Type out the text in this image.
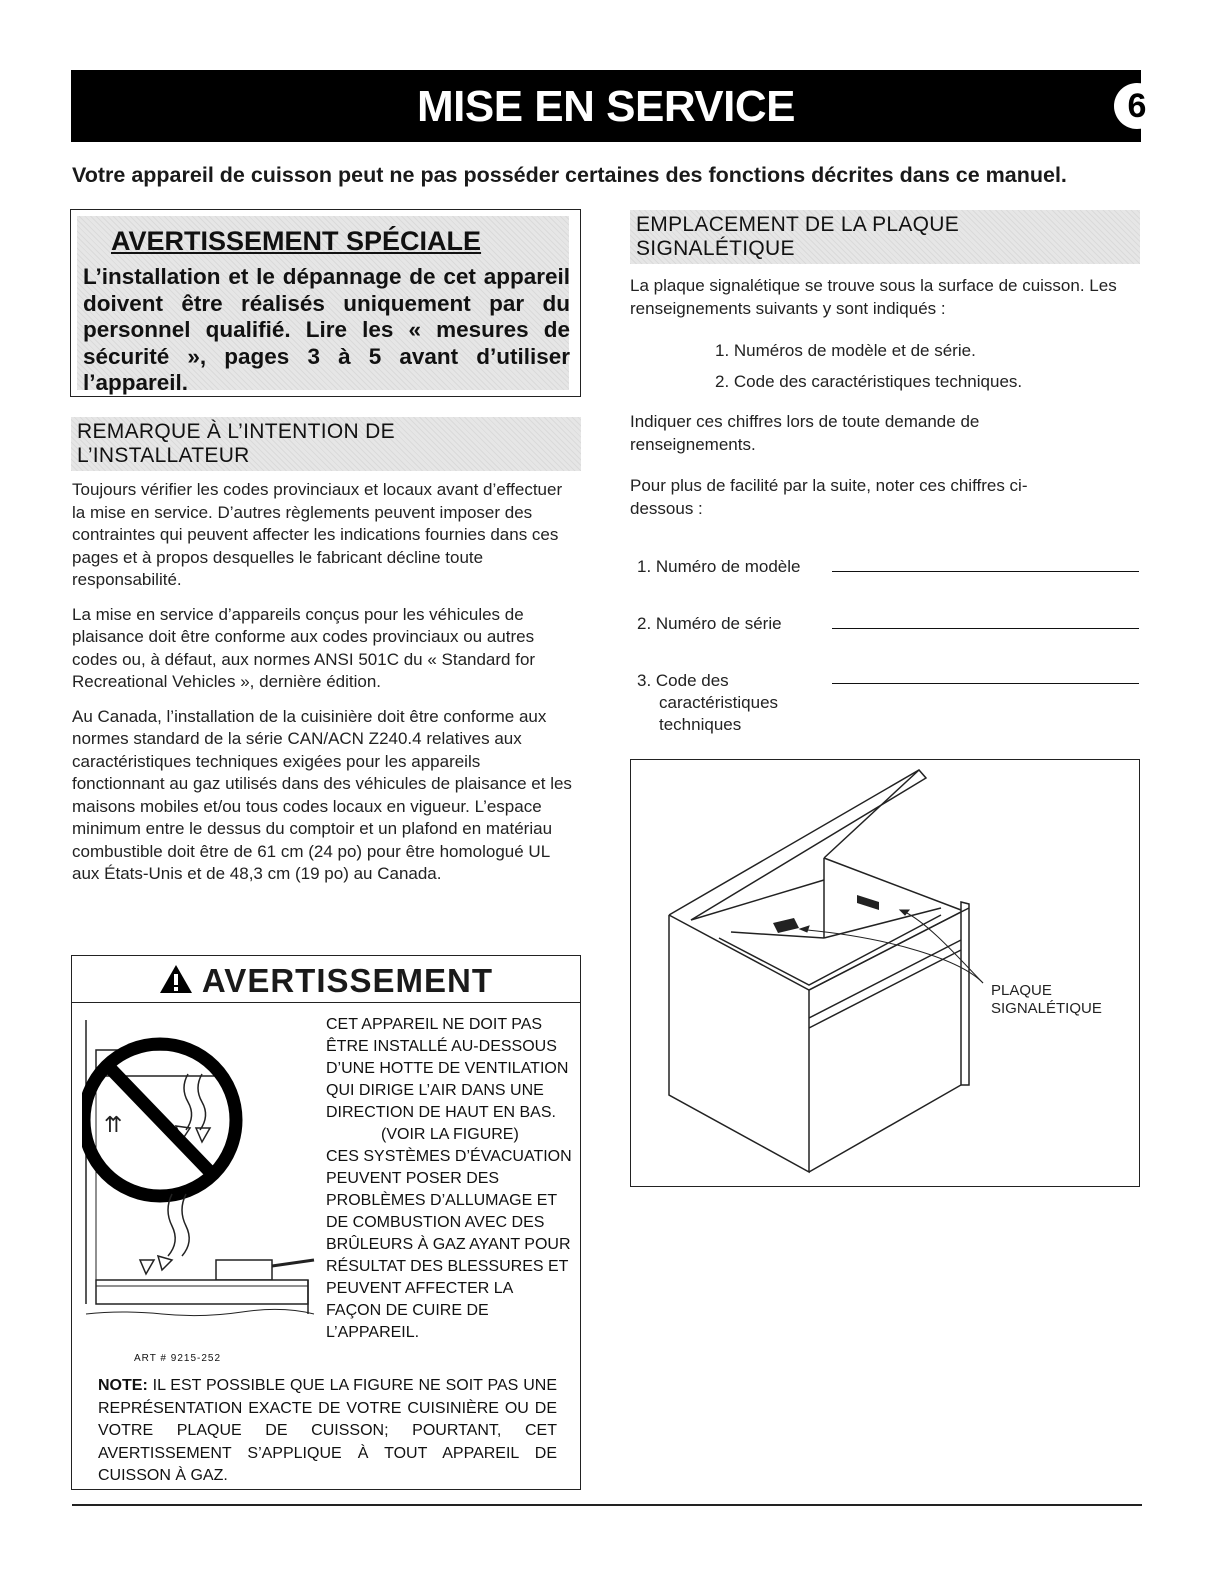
MISE EN SERVICE	6
Votre appareil de cuisson peut ne pas posséder certaines des fonctions décrites dans ce manuel.
AVERTISSEMENT SPÉCIALE
L’installation et le dépannage de cet appareil doivent être réalisés uniquement par du personnel qualifié. Lire les « mesures de sécurité », pages 3 à 5 avant d’utiliser l’appareil.
REMARQUE À L’INTENTION DE
L’INSTALLATEUR

Toujours vérifier les codes provinciaux et locaux avant d’effectuer la mise en service. D’autres règlements peuvent imposer des contraintes qui peuvent affecter les indications fournies dans ces pages et à propos desquelles le fabricant décline toute responsabilité.

La mise en service d’appareils conçus pour les véhicules de plaisance doit être conforme aux codes provinciaux ou autres codes ou, à défaut, aux normes ANSI 501C du « Standard for Recreational Vehicles », dernière édition.

Au Canada, l’installation de la cuisinière doit être conforme aux normes standard de la série CAN/ACN Z240.4 relatives aux caractéristiques techniques exigées pour les appareils fonctionnant au gaz utilisés dans des véhicules de plaisance et les maisons mobiles et/ou tous codes locaux en vigueur. L’espace minimum entre le dessus du comptoir et un plafond en matériau combustible doit être de 61 cm (24 po) pour être homologué UL aux États-Unis et de 48,3 cm (19 po) au Canada.

AVERTISSEMENT
⇈
ART # 9215-252
CET APPAREIL NE DOIT PAS
ÊTRE INSTALLÉ AU-DESSOUS
D’UNE HOTTE DE VENTILATION
QUI DIRIGE L’AIR DANS UNE
DIRECTION DE HAUT EN BAS.
(VOIR LA FIGURE)
CES SYSTÈMES D’ÉVACUATION
PEUVENT POSER DES
PROBLÈMES D’ALLUMAGE ET
DE COMBUSTION AVEC DES
BRÛLEURS À GAZ AYANT POUR
RÉSULTAT DES BLESSURES ET
PEUVENT AFFECTER LA
FAÇON DE CUIRE DE
L’APPAREIL.
NOTE: IL EST POSSIBLE QUE LA FIGURE NE SOIT PAS UNE REPRÉSENTATION EXACTE DE VOTRE CUISINIÈRE OU DE VOTRE PLAQUE DE CUISSON; POURTANT, CET AVERTISSEMENT S’APPLIQUE À TOUT APPAREIL DE CUISSON À GAZ.
EMPLACEMENT DE LA PLAQUE
SIGNALÉTIQUE
La plaque signalétique se trouve sous la surface de cuisson. Les renseignements suivants y sont indiqués :
1. Numéros de modèle et de série.
2. Code des caractéristiques techniques.
Indiquer ces chiffres lors de toute demande de renseignements.
Pour plus de facilité par la suite, noter ces chiffres ci-dessous :
1. Numéro de modèle
2. Numéro de série
3. Code des
caractéristiques
techniques
PLAQUE
SIGNALÉTIQUE
